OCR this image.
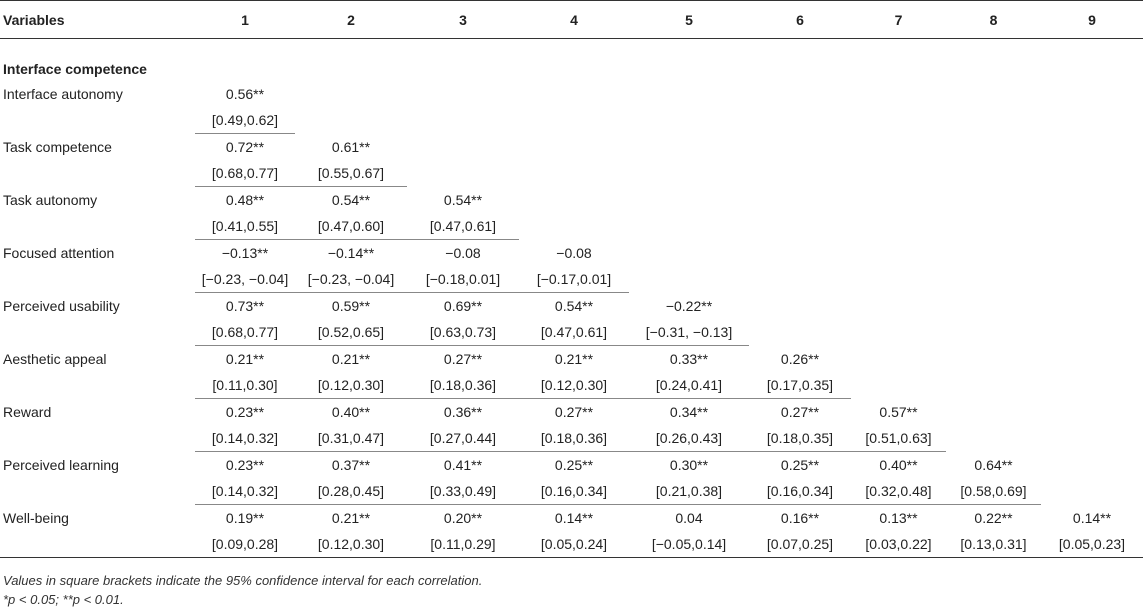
Variables	1	2	3	4	5	6	7	8	9

Interface competence									
Interface autonomy	0.56**								
	[0.49,0.62]								
Task competence	0.72**	0.61**							
	[0.68,0.77]	[0.55,0.67]							
Task autonomy	0.48**	0.54**	0.54**						
	[0.41,0.55]	[0.47,0.60]	[0.47,0.61]						
Focused attention	−0.13**	−0.14**	−0.08	−0.08					
	[−0.23, −0.04]	[−0.23, −0.04]	[−0.18,0.01]	[−0.17,0.01]					
Perceived usability	0.73**	0.59**	0.69**	0.54**	−0.22**				
	[0.68,0.77]	[0.52,0.65]	[0.63,0.73]	[0.47,0.61]	[−0.31, −0.13]				
Aesthetic appeal	0.21**	0.21**	0.27**	0.21**	0.33**	0.26**			
	[0.11,0.30]	[0.12,0.30]	[0.18,0.36]	[0.12,0.30]	[0.24,0.41]	[0.17,0.35]			
Reward	0.23**	0.40**	0.36**	0.27**	0.34**	0.27**	0.57**		
	[0.14,0.32]	[0.31,0.47]	[0.27,0.44]	[0.18,0.36]	[0.26,0.43]	[0.18,0.35]	[0.51,0.63]		
Perceived learning	0.23**	0.37**	0.41**	0.25**	0.30**	0.25**	0.40**	0.64**	
	[0.14,0.32]	[0.28,0.45]	[0.33,0.49]	[0.16,0.34]	[0.21,0.38]	[0.16,0.34]	[0.32,0.48]	[0.58,0.69]	
Well-being	0.19**	0.21**	0.20**	0.14**	0.04	0.16**	0.13**	0.22**	0.14**
	[0.09,0.28]	[0.12,0.30]	[0.11,0.29]	[0.05,0.24]	[−0.05,0.14]	[0.07,0.25]	[0.03,0.22]	[0.13,0.31]	[0.05,0.23]
Values in square brackets indicate the 95% confidence interval for each correlation.
*p < 0.05; **p < 0.01.
